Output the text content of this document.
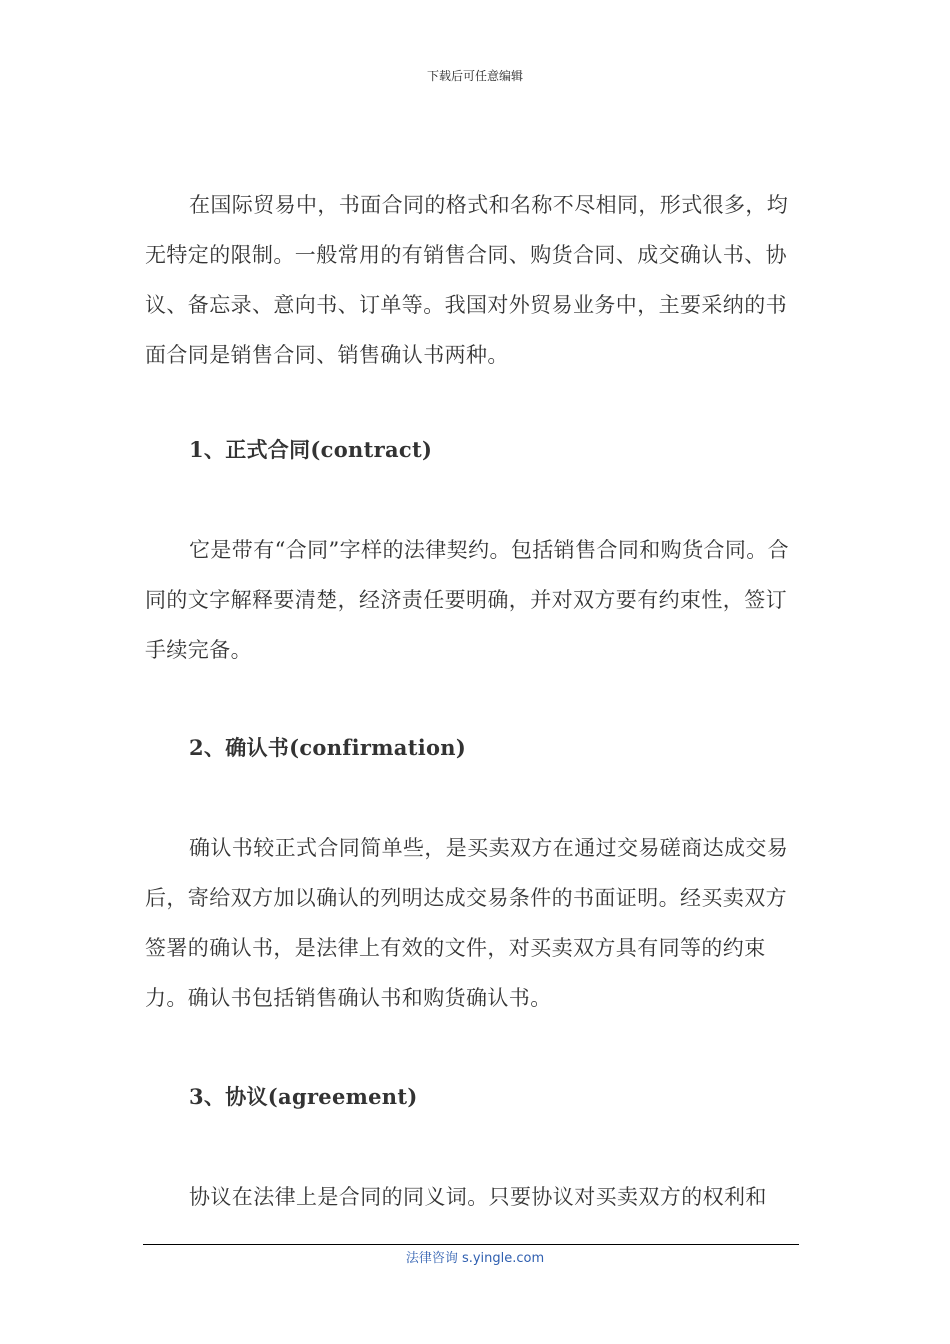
下载后可任意编辑
在国际贸易中，书面合同的格式和名称不尽相同，形式很多，均无特定的限制。一般常用的有销售合同、购货合同、成交确认书、协议、备忘录、意向书、订单等。我国对外贸易业务中，主要采纳的书面合同是销售合同、销售确认书两种。
1、正式合同(contract)
它是带有“合同”字样的法律契约。包括销售合同和购货合同。合同的文字解释要清楚，经济责任要明确，并对双方要有约束性，签订手续完备。
2、确认书(confirmation)
确认书较正式合同简单些，是买卖双方在通过交易磋商达成交易后，寄给双方加以确认的列明达成交易条件的书面证明。经买卖双方签署的确认书，是法律上有效的文件，对买卖双方具有同等的约束力。确认书包括销售确认书和购货确认书。
3、协议(agreement)
协议在法律上是合同的同义词。只要协议对买卖双方的权利和
法律咨询 s.yingle.com
